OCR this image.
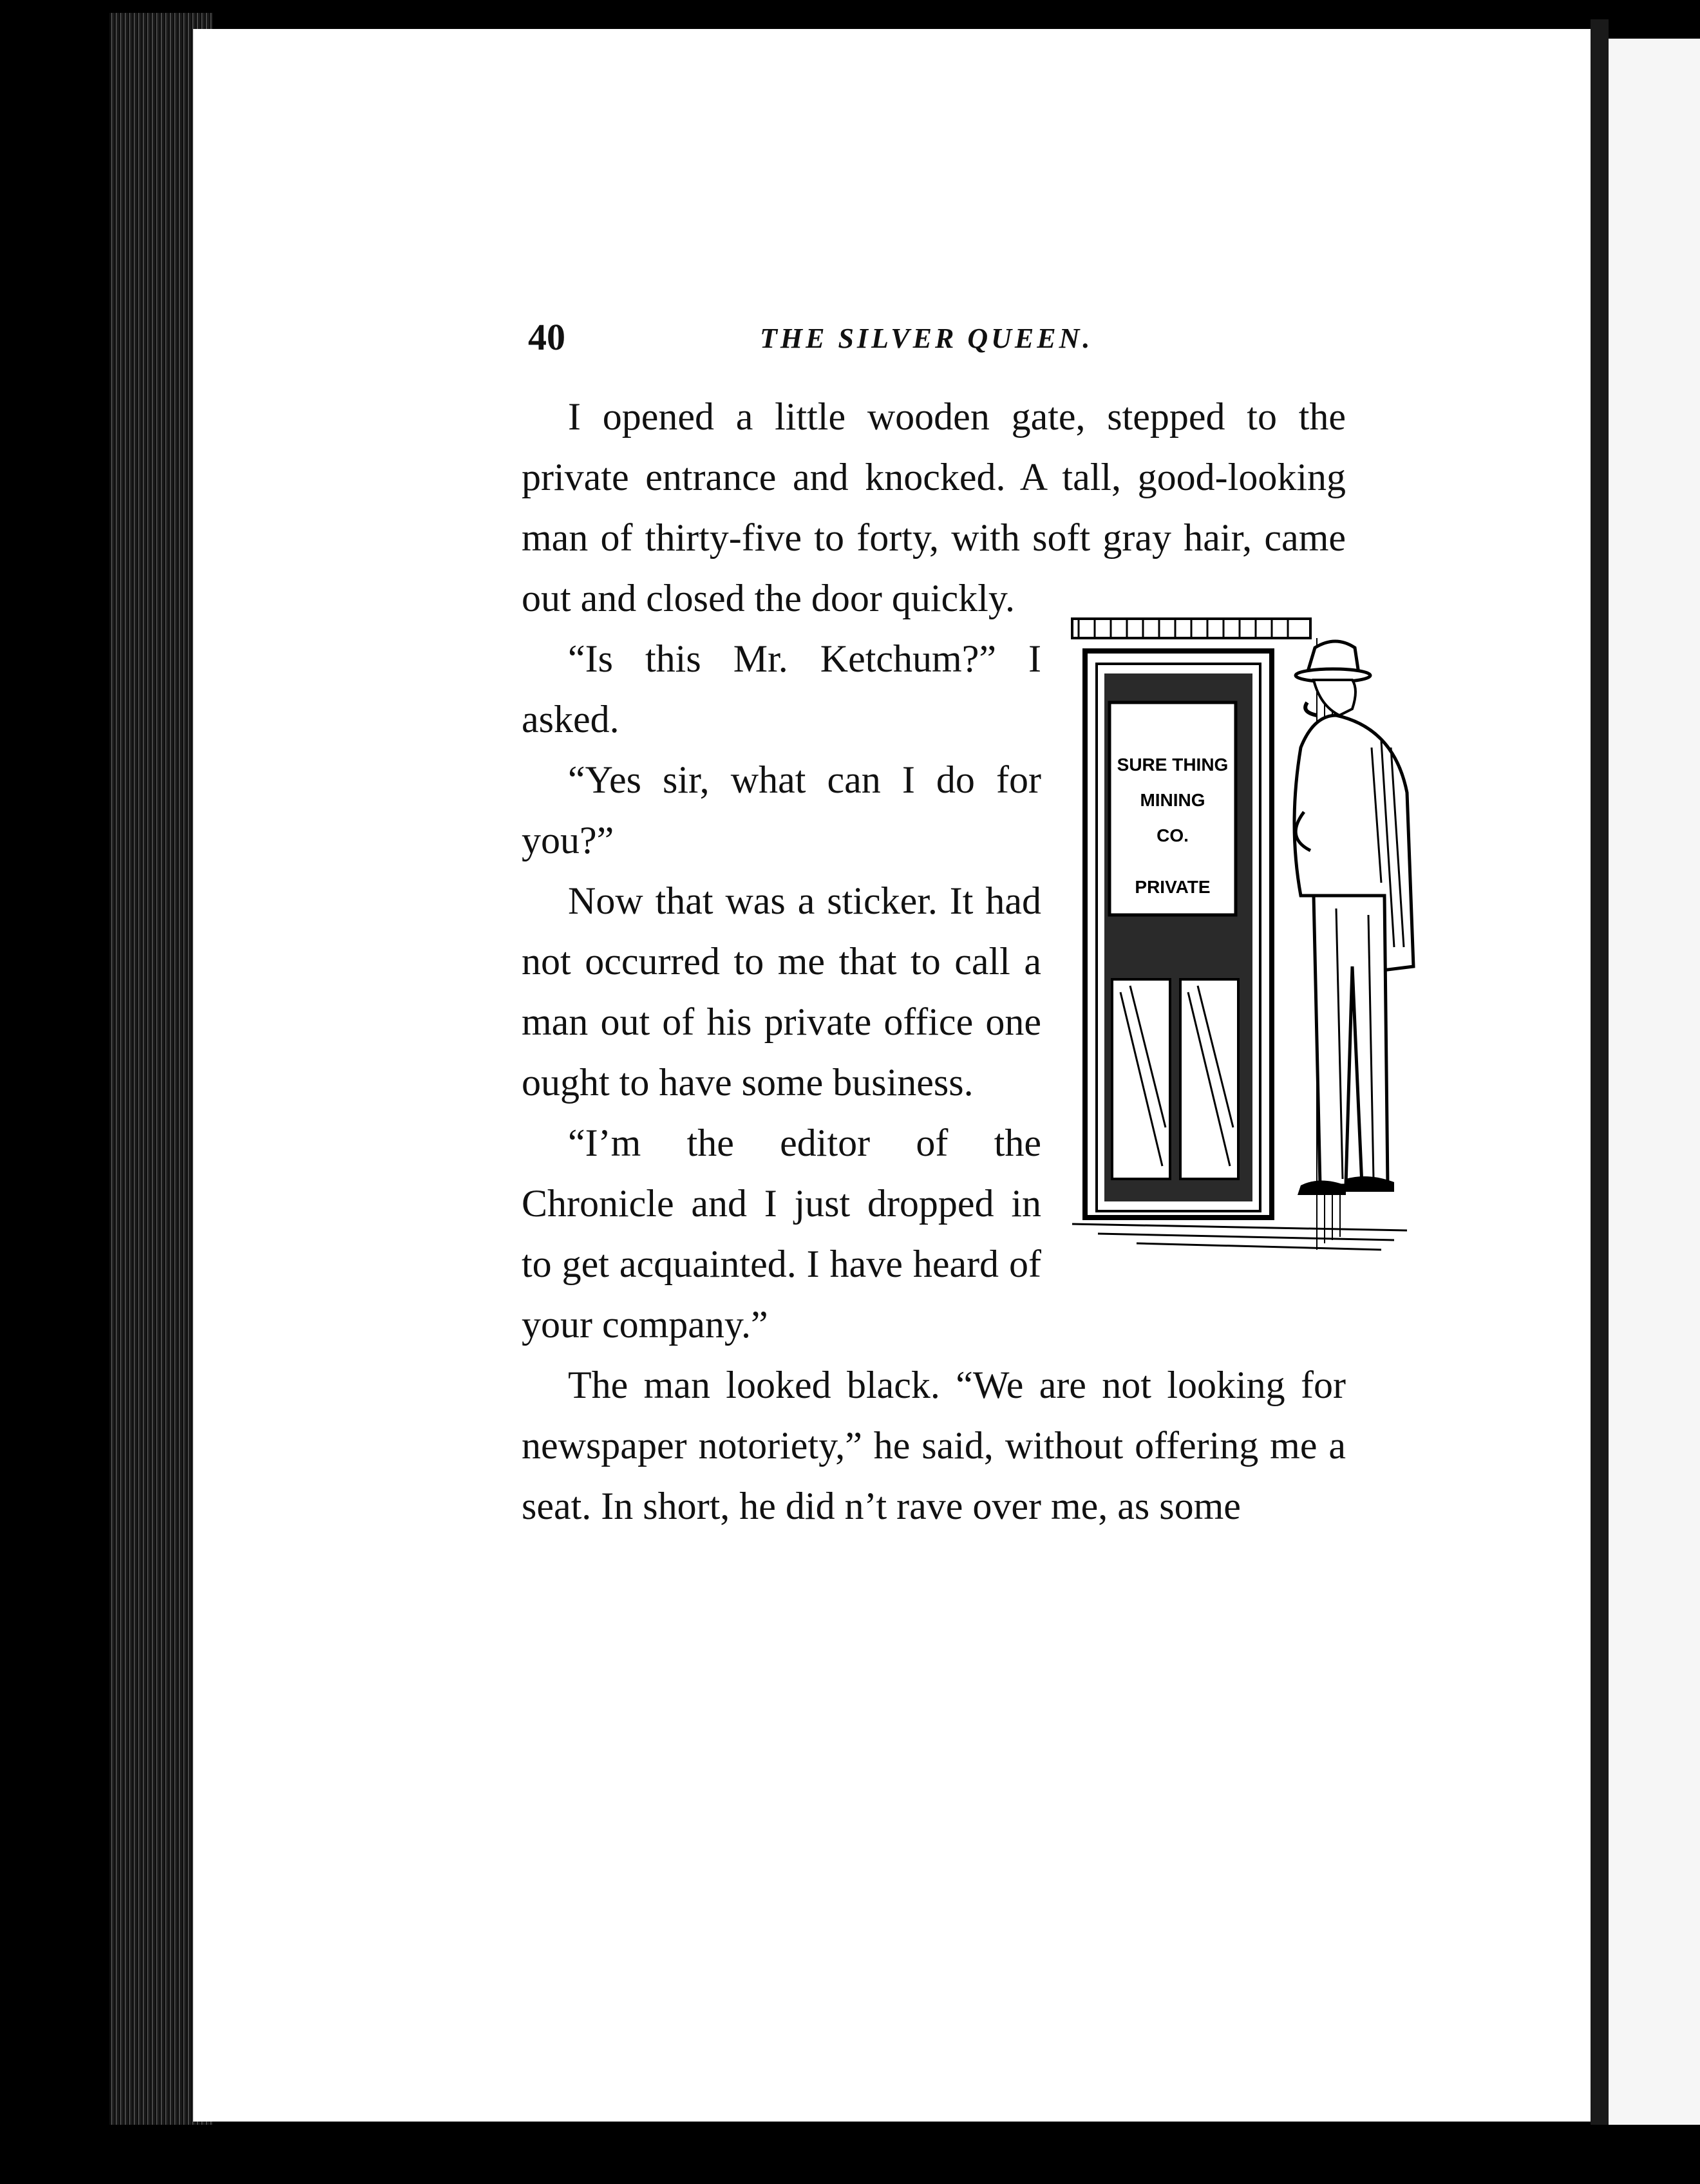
40	THE SILVER QUEEN.

I opened a little wooden gate, stepped to the private entrance and knocked. A tall, good-looking man of thirty-five to forty, with soft gray hair, came out and closed the door quickly.

SURE THING
MINING
CO.
PRIVATE

“Is this Mr. Ketchum?” I asked.

“Yes sir, what can I do for you?”

Now that was a sticker. It had not occurred to me that to call a man out of his private office one ought to have some business.

“I’m the editor of the Chronicle and I just dropped in to get acquainted. I have heard of your company.”

The man looked black. “We are not looking for newspaper notoriety,” he said, without offering me a seat. In short, he did n’t rave over me, as some
